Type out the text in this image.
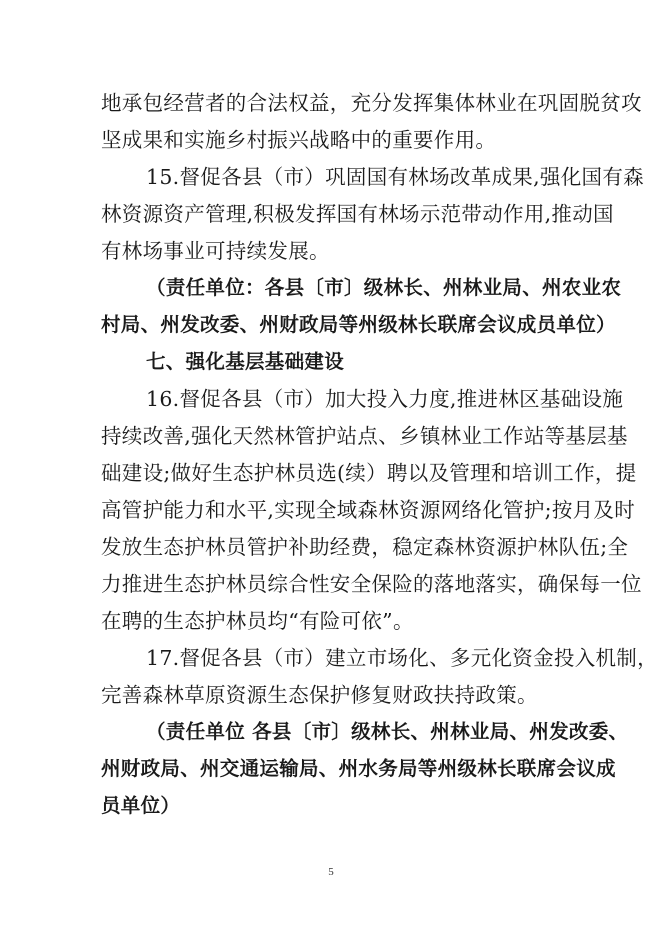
地承包经营者的合法权益，充分发挥集体林业在巩固脱贫攻
坚成果和实施乡村振兴战略中的重要作用。
15.督促各县（市）巩固国有林场改革成果,强化国有森
林资源资产管理,积极发挥国有林场示范带动作用,推动国
有林场事业可持续发展。
（责任单位：各县〔市〕级林长、州林业局、州农业农
村局、州发改委、州财政局等州级林长联席会议成员单位）
七、强化基层基础建设
16.督促各县（市）加大投入力度,推进林区基础设施
持续改善,强化天然林管护站点、乡镇林业工作站等基层基
础建设;做好生态护林员选(续）聘以及管理和培训工作，提
高管护能力和水平,实现全域森林资源网络化管护;按月及时
发放生态护林员管护补助经费，稳定森林资源护林队伍;全
力推进生态护林员综合性安全保险的落地落实，确保每一位
在聘的生态护林员均“有险可依”。
17.督促各县（市）建立市场化、多元化资金投入机制，
完善森林草原资源生态保护修复财政扶持政策。
（责任单位 各县〔市〕级林长、州林业局、州发改委、
州财政局、州交通运输局、州水务局等州级林长联席会议成
员单位）
5
